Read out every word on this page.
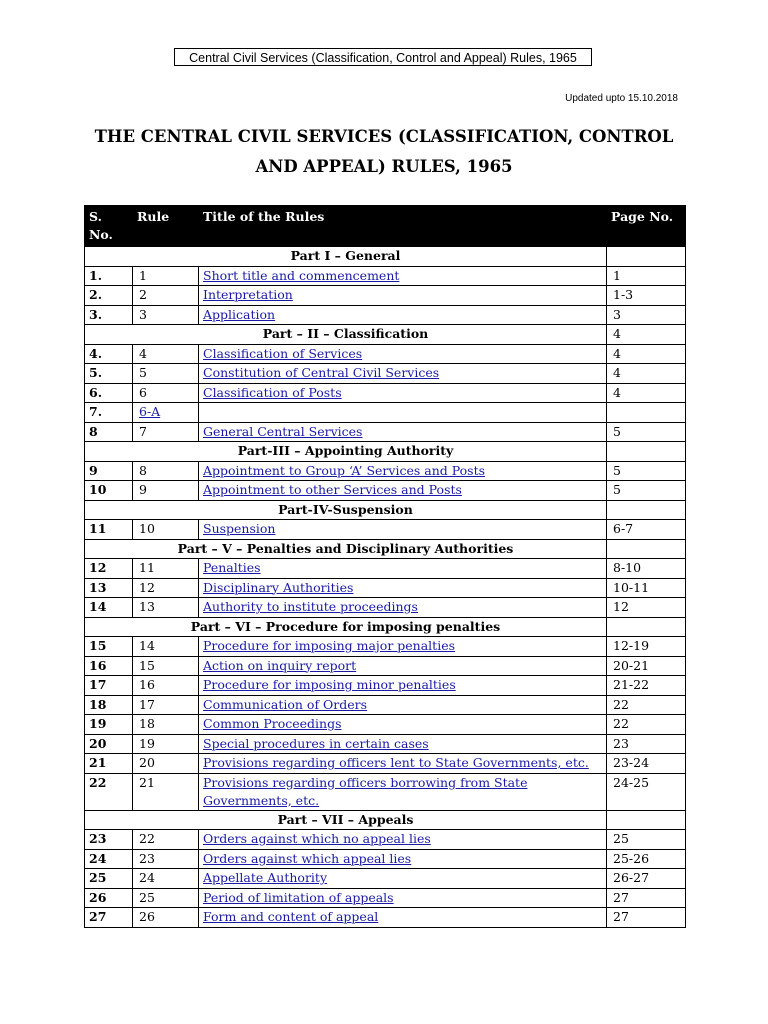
Central Civil Services (Classification, Control and Appeal) Rules, 1965
Updated upto 15.10.2018
THE CENTRAL CIVIL SERVICES (CLASSIFICATION, CONTROL
AND APPEAL) RULES, 1965
S. No.	Rule	Title of the Rules	Page No.
Part I – General			
1.	1	Short title and commencement	1
2.	2	Interpretation	1-3
3.	3	Application	3
Part – II – Classification			4
4.	4	Classification of Services	4
5.	5	Constitution of Central Civil Services	4
6.	6	Classification of Posts	4
7.	6-A		
8	7	General Central Services	5
Part-III – Appointing Authority			
9	8	Appointment to Group ‘A’ Services and Posts	5
10	9	Appointment to other Services and Posts	5
Part-IV-Suspension			
11	10	Suspension	6-7
Part – V – Penalties and Disciplinary Authorities			
12	11	Penalties	8-10
13	12	Disciplinary Authorities	10-11
14	13	Authority to institute proceedings	12
Part – VI – Procedure for imposing penalties			
15	14	Procedure for imposing major penalties	12-19
16	15	Action on inquiry report	20-21
17	16	Procedure for imposing minor penalties	21-22
18	17	Communication of Orders	22
19	18	Common Proceedings	22
20	19	Special procedures in certain cases	23
21	20	Provisions regarding officers lent to State Governments, etc.	23-24
22	21	Provisions regarding officers borrowing from State Governments, etc.	24-25
Part – VII – Appeals			
23	22	Orders against which no appeal lies	25
24	23	Orders against which appeal lies	25-26
25	24	Appellate Authority	26-27
26	25	Period of limitation of appeals	27
27	26	Form and content of appeal	27
